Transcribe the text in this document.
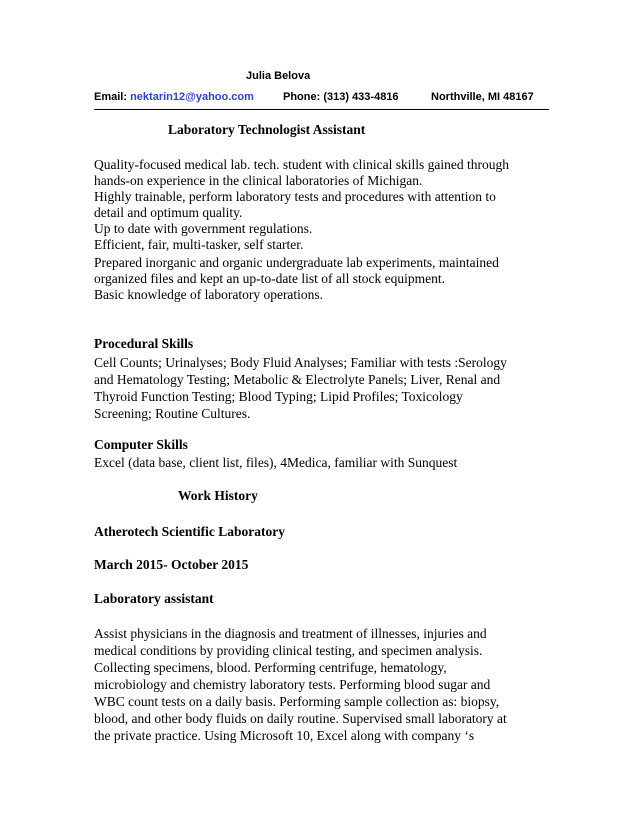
Julia Belova
Email: nektarin12@yahoo.com	Phone: (313) 433-4816	Northville, MI 48167
Laboratory Technologist Assistant
Quality-focused medical lab. tech. student with clinical skills gained through
hands-on experience in the clinical laboratories of Michigan.
Highly trainable, perform laboratory tests and procedures with attention to
detail and optimum quality.
Up to date with government regulations.
Efficient, fair, multi-tasker, self starter.
Prepared inorganic and organic undergraduate lab experiments, maintained
organized files and kept an up-to-date list of all stock equipment.
Basic knowledge of laboratory operations.
Procedural Skills
Cell Counts; Urinalyses; Body Fluid Analyses; Familiar with tests :Serology
and Hematology Testing; Metabolic & Electrolyte Panels; Liver, Renal and
Thyroid Function Testing; Blood Typing; Lipid Profiles; Toxicology
Screening; Routine Cultures.
Computer Skills
Excel (data base, client list, files), 4Medica, familiar with Sunquest
Work History
Atherotech Scientific Laboratory
March 2015- October 2015
Laboratory assistant
Assist physicians in the diagnosis and treatment of illnesses, injuries and
medical conditions by providing clinical testing, and specimen analysis.
Collecting specimens, blood. Performing centrifuge, hematology,
microbiology and chemistry laboratory tests. Performing blood sugar and
WBC count tests on a daily basis. Performing sample collection as: biopsy,
blood, and other body fluids on daily routine. Supervised small laboratory at
the private practice. Using Microsoft 10, Excel along with company ‘s
